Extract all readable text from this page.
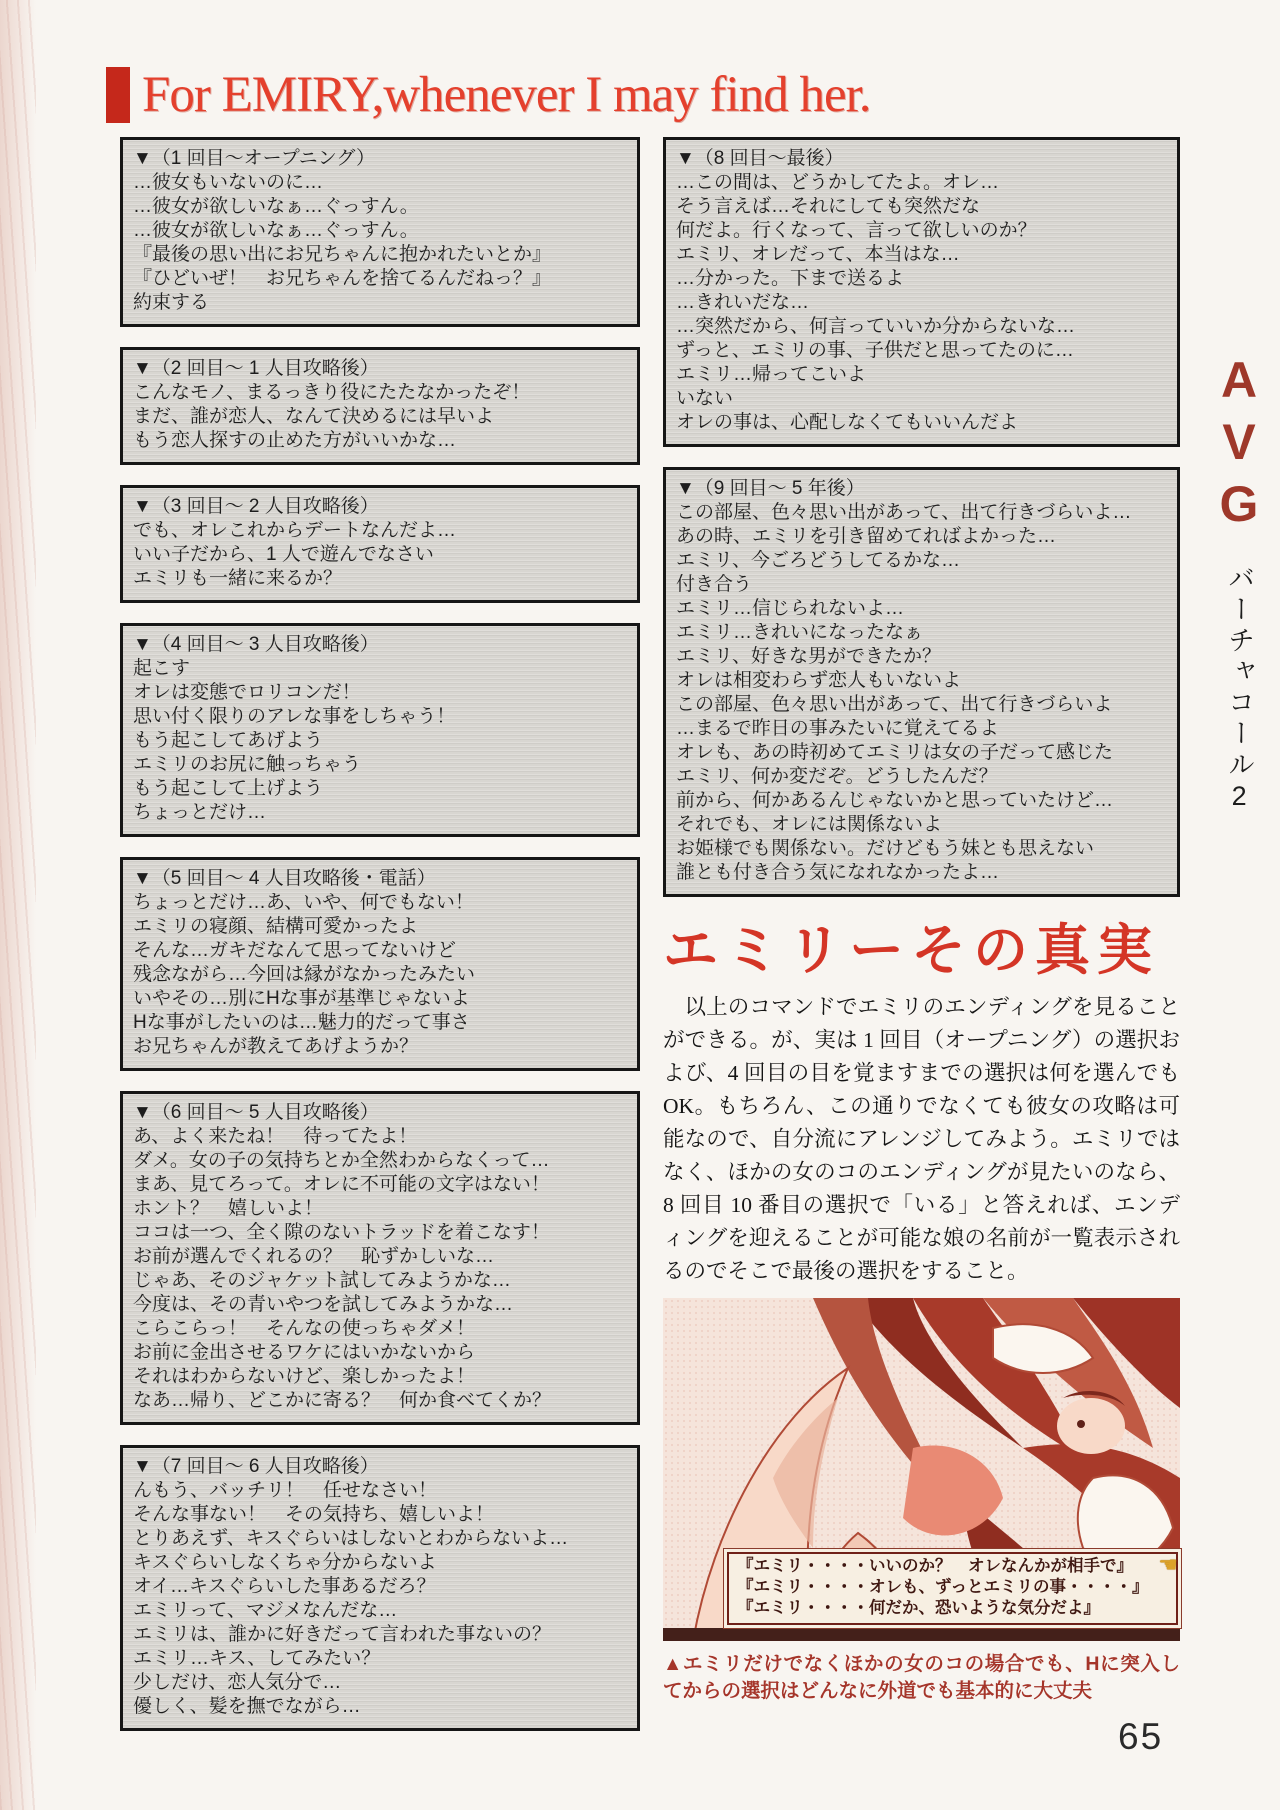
For EMIRY,whenever I may find her.
▼（1 回目～オープニング）
…彼女もいないのに…
…彼女が欲しいなぁ…ぐっすん。
…彼女が欲しいなぁ…ぐっすん。
『最後の思い出にお兄ちゃんに抱かれたいとか』
『ひどいぜ！　お兄ちゃんを捨てるんだねっ？』
約束する
▼（2 回目～ 1 人目攻略後）
こんなモノ、まるっきり役にたたなかったぞ！
まだ、誰が恋人、なんて決めるには早いよ
もう恋人探すの止めた方がいいかな…
▼（3 回目～ 2 人目攻略後）
でも、オレこれからデートなんだよ…
いい子だから、1 人で遊んでなさい
エミリも一緒に来るか？
▼（4 回目～ 3 人目攻略後）
起こす
オレは変態でロリコンだ！
思い付く限りのアレな事をしちゃう！
もう起こしてあげよう
エミリのお尻に触っちゃう
もう起こして上げよう
ちょっとだけ…
▼（5 回目～ 4 人目攻略後・電話）
ちょっとだけ…あ、いや、何でもない！
エミリの寝顔、結構可愛かったよ
そんな…ガキだなんて思ってないけど
残念ながら…今回は縁がなかったみたい
いやその…別にHな事が基準じゃないよ
Hな事がしたいのは…魅力的だって事さ
お兄ちゃんが教えてあげようか？
▼（6 回目～ 5 人目攻略後）
あ、よく来たね！　待ってたよ！
ダメ。女の子の気持ちとか全然わからなくって…
まあ、見てろって。オレに不可能の文字はない！
ホント？　嬉しいよ！
ココは一つ、全く隙のないトラッドを着こなす！
お前が選んでくれるの？　恥ずかしいな…
じゃあ、そのジャケット試してみようかな…
今度は、その青いやつを試してみようかな…
こらこらっ！　そんなの使っちゃダメ！
お前に金出させるワケにはいかないから
それはわからないけど、楽しかったよ！
なあ…帰り、どこかに寄る？　何か食べてくか？
▼（7 回目～ 6 人目攻略後）
んもう、バッチリ！　任せなさい！
そんな事ない！　その気持ち、嬉しいよ！
とりあえず、キスぐらいはしないとわからないよ…
キスぐらいしなくちゃ分からないよ
オイ…キスぐらいした事あるだろ？
エミリって、マジメなんだな…
エミリは、誰かに好きだって言われた事ないの？
エミリ…キス、してみたい？
少しだけ、恋人気分で…
優しく、髪を撫でながら…
▼（8 回目～最後）
…この間は、どうかしてたよ。オレ…
そう言えば…それにしても突然だな
何だよ。行くなって、言って欲しいのか？
エミリ、オレだって、本当はな…
…分かった。下まで送るよ
…きれいだな…
…突然だから、何言っていいか分からないな…
ずっと、エミリの事、子供だと思ってたのに…
エミリ…帰ってこいよ
いない
オレの事は、心配しなくてもいいんだよ
▼（9 回目～ 5 年後）
この部屋、色々思い出があって、出て行きづらいよ…
あの時、エミリを引き留めてればよかった…
エミリ、今ごろどうしてるかな…
付き合う
エミリ…信じられないよ…
エミリ…きれいになったなぁ
エミリ、好きな男ができたか？
オレは相変わらず恋人もいないよ
この部屋、色々思い出があって、出て行きづらいよ
…まるで昨日の事みたいに覚えてるよ
オレも、あの時初めてエミリは女の子だって感じた
エミリ、何か変だぞ。どうしたんだ？
前から、何かあるんじゃないかと思っていたけど…
それでも、オレには関係ないよ
お姫様でも関係ない。だけどもう妹とも思えない
誰とも付き合う気になれなかったよ…
エミリーその真実
以上のコマンドでエミリのエンディングを見ることができる。が、実は 1 回目（オープニング）の選択および、4 回目の目を覚ますまでの選択は何を選んでもOK。もちろん、この通りでなくても彼女の攻略は可能なので、自分流にアレンジしてみよう。エミリではなく、ほかの女のコのエンディングが見たいのなら、8 回目 10 番目の選択で「いる」と答えれば、エンディングを迎えることが可能な娘の名前が一覧表示されるのでそこで最後の選択をすること。
『エミリ・・・・いいのか？　オレなんかが相手で』
『エミリ・・・・オレも、ずっとエミリの事・・・・』
『エミリ・・・・何だか、恐いような気分だよ』
☚
▲エミリだけでなくほかの女のコの場合でも、Hに突入してからの選択はどんなに外道でも基本的に大丈夫
AVG
バーチャコール2
65
